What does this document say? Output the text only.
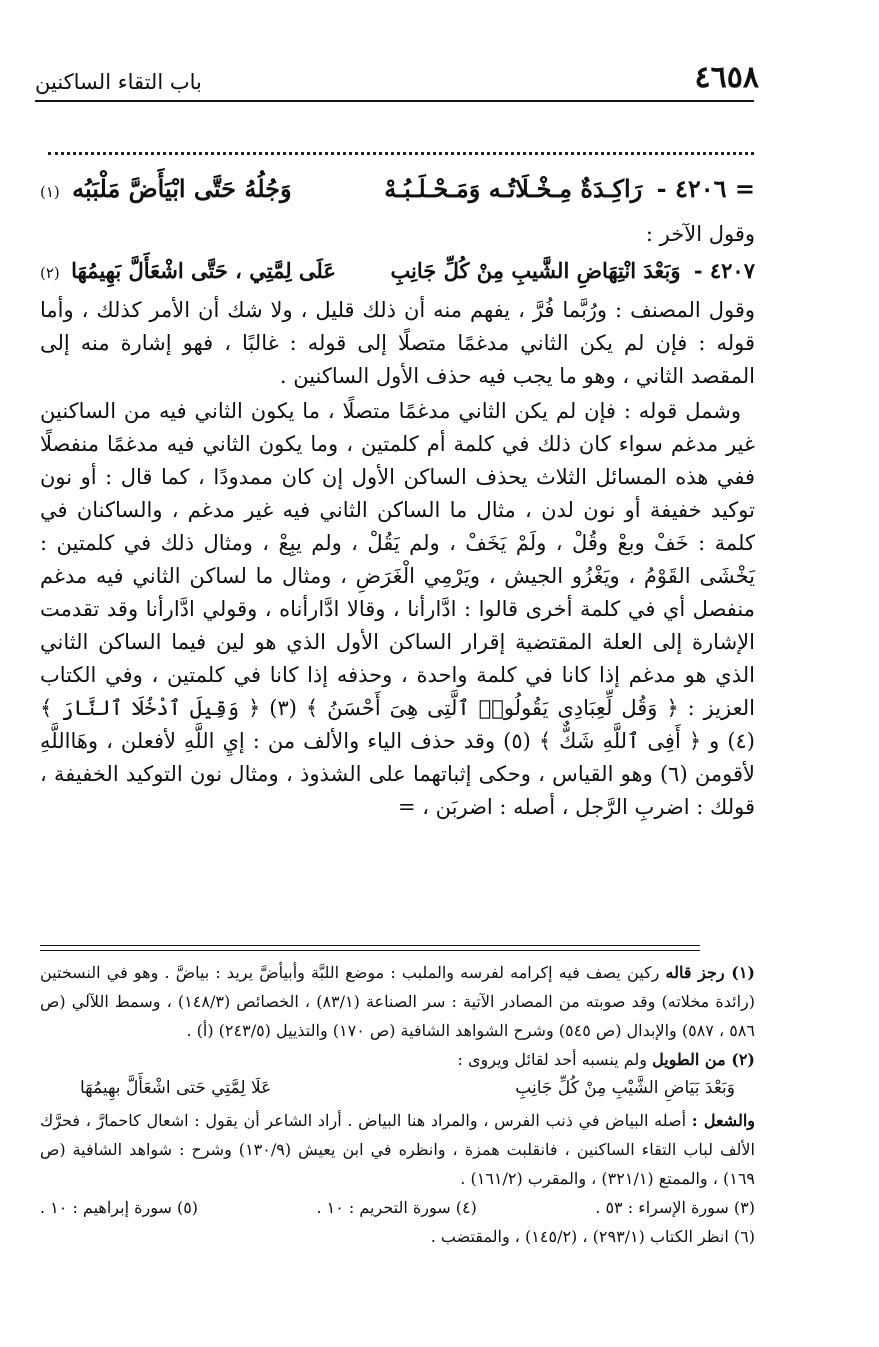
٤٦٥٨
باب التقاء الساكنين
= ٤٢٠٦ - رَاكِـدَةٌ مِـخْـلَاتُـه وَمَـحْـلَـبُـهْ
وَجُلُهُ حَتَّى ابْيَأَضَّ مَلْبَبُه (١)
وقول الآخر :
٤٢٠٧ - وَبَعْدَ انْتِهَاضِ الشَّيبِ مِنْ كُلِّ جَانِبِ
عَلَى لِمَّتِي ، حَتَّى اشْعَأَلَّ بَهِيمُهَا (٢)

وقول المصنف : ورُبَّما فُرَّ ، يفهم منه أن ذلك قليل ، ولا شك أن الأمر كذلك ، وأما قوله : فإن لم يكن الثاني مدغمًا متصلًا إلى قوله : غالبًا ، فهو إشارة منه إلى المقصد الثاني ، وهو ما يجب فيه حذف الأول الساكنين .

وشمل قوله : فإن لم يكن الثاني مدغمًا متصلًا ، ما يكون الثاني فيه من الساكنين غير مدغم سواء كان ذلك في كلمة أم كلمتين ، وما يكون الثاني فيه مدغمًا منفصلًا ففي هذه المسائل الثلاث يحذف الساكن الأول إن كان ممدودًا ، كما قال : أو نون توكيد خفيفة أو نون لدن ، مثال ما الساكن الثاني فيه غير مدغم ، والساكنان في كلمة : خَفْ وبعْ وقُلْ ، ولَمْ يَخَفْ ، ولم يَقُلْ ، ولم يبِعْ ، ومثال ذلك في كلمتين : يَخْشَى القَوْمُ ، ويَغْزُو الجيش ، ويَرْمِي الْغَرَضِ ، ومثال ما لساكن الثاني فيه مدغم منفصل أي في كلمة أخرى قالوا : ادَّارأنا ، وقالا ادَّارأناه ، وقولي ادَّارأنا وقد تقدمت الإشارة إلى العلة المقتضية إقرار الساكن الأول الذي هو لين فيما الساكن الثاني الذي هو مدغم إذا كانا في كلمة واحدة ، وحذفه إذا كانا في كلمتين ، وفي الكتاب العزيز : ﴿ وَقُل لِّعِبَادِى يَقُولُوا۟ ٱلَّتِى هِىَ أَحْسَنُ ﴾ (٣) ﴿ وَقِيلَ ٱدْخُلَا ٱلنَّارَ ﴾ (٤) و ﴿ أَفِى ٱللَّهِ شَكٌّ ﴾ (٥) وقد حذف الياء والألف من : إيِ اللَّهِ لأفعلن ، وهَااللَّهِ لأقومن (٦) وهو القياس ، وحكى إثباتهما على الشذوذ ، ومثال نون التوكيد الخفيفة ، قولك : اضربِ الرَّجل ، أصله : اضربَن ، =

(١) رجز قاله ركين يصف فيه إكرامه لفرسه والملبب : موضع اللبَّة وأبيأضَّ يريد : بياضَّ . وهو في النسختين (رائدة مخلاته) وقد صوبته من المصادر الآتية : سر الصناعة (٨٣/١) ، الخصائص (١٤٨/٣) ، وسمط اللآلي (ص ٥٨٦ ، ٥٨٧) والإبدال (ص ٥٤٥) وشرح الشواهد الشافية (ص ١٧٠) والتذييل (٢٤٣/٥) (أ) .

(٢) من الطويل ولم ينسبه أحد لقائل ويروى :

وَبَعْدَ بَيَاضِ الشَّيْبِ مِنْ كُلِّ جَانِبِ
عَلَا لِمَّتِي حَتى اشْعَأَلَّ بهِيمُهَا

والشعل : أصله البياض في ذنب الفرس ، والمراد هنا البياض . أراد الشاعر أن يقول : اشعال كاحمارَّ ، فحرَّك الألف لباب التقاء الساكنين ، فانقلبت همزة ، وانظره في ابن يعيش (١٣٠/٩) وشرح : شواهد الشافية (ص ١٦٩) ، والممتع (٣٢١/١) ، والمقرب (١٦١/٢) .

(٣) سورة الإسراء : ٥٣ .
(٤) سورة التحريم : ١٠ .
(٥) سورة إبراهيم : ١٠ .

(٦) انظر الكتاب (٢٩٣/١) ، (١٤٥/٢) ، والمقتضب .
